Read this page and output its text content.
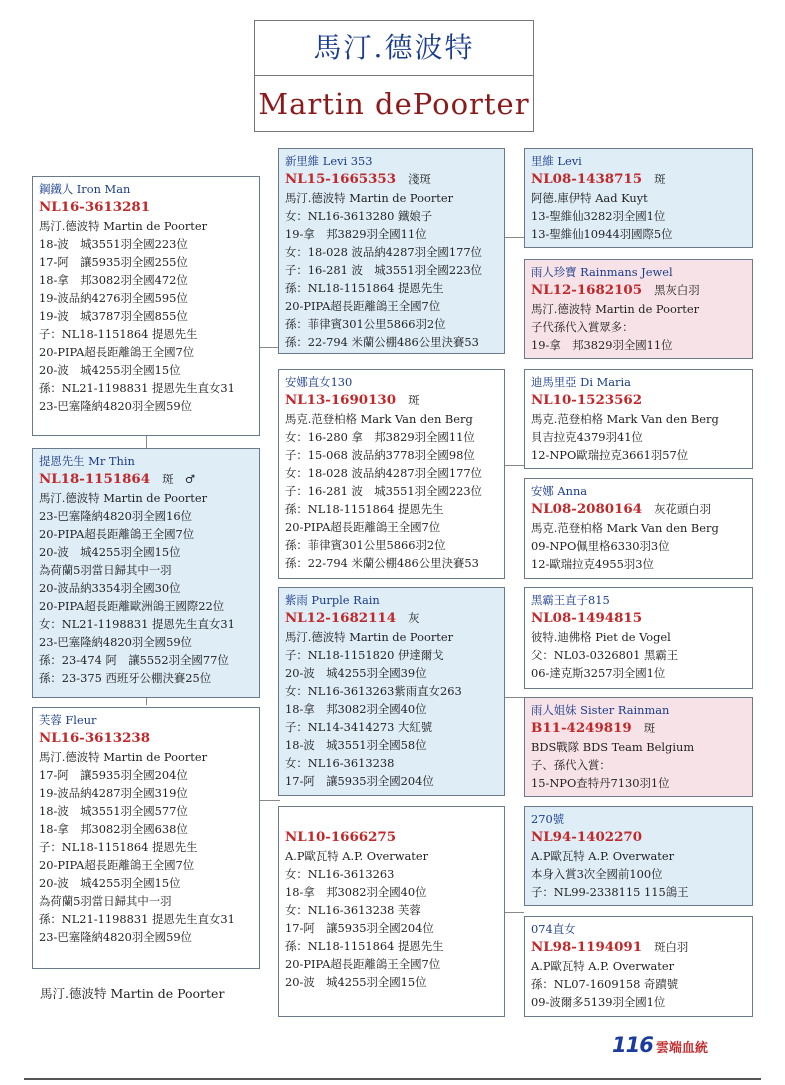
馬汀.德波特
Martin dePoorter
鋼鐵人 Iron Man
NL16-3613281
馬汀.德波特 Martin de Poorter
18-波　城3551羽全國223位
17-阿　讓5935羽全國255位
18-拿　邦3082羽全國472位
19-波品納4276羽全國595位
19-波　城3787羽全國855位
子：NL18-1151864 提恩先生
20-PIPA超長距離鴿王全國7位
20-波　城4255羽全國15位
孫：NL21-1198831 提恩先生直女31
23-巴塞隆納4820羽全國59位
提恩先生 Mr Thin
NL18-1151864 斑　♂
馬汀.德波特 Martin de Poorter
23-巴塞隆納4820羽全國16位
20-PIPA超長距離鴿王全國7位
20-波　城4255羽全國15位
為荷蘭5羽當日歸其中一羽
20-波品納3354羽全國30位
20-PIPA超長距離歐洲鴿王國際22位
女：NL21-1198831 提恩先生直女31
23-巴塞隆納4820羽全國59位
孫：23-474 阿　讓5552羽全國77位
孫：23-375 西班牙公棚決賽25位
芙蓉 Fleur
NL16-3613238
馬汀.德波特 Martin de Poorter
17-阿　讓5935羽全國204位
19-波品納4287羽全國319位
18-波　城3551羽全國577位
18-拿　邦3082羽全國638位
子：NL18-1151864 提恩先生
20-PIPA超長距離鴿王全國7位
20-波　城4255羽全國15位
為荷蘭5羽當日歸其中一羽
孫：NL21-1198831 提恩先生直女31
23-巴塞隆納4820羽全國59位
新里維 Levi 353
NL15-1665353 淺斑
馬汀.德波特 Martin de Poorter
女：NL16-3613280 鐵娘子
19-拿　邦3829羽全國11位
女：18-028 波品納4287羽全國177位
子：16-281 波　城3551羽全國223位
孫：NL18-1151864 提恩先生
20-PIPA超長距離鴿王全國7位
孫：菲律賓301公里5866羽2位
孫：22-794 米蘭公棚486公里決賽53
安娜直女130
NL13-1690130 斑
馬克.范登柏格 Mark Van den Berg
女：16-280 拿　邦3829羽全國11位
子：15-068 波品納3778羽全國98位
女：18-028 波品納4287羽全國177位
子：16-281 波　城3551羽全國223位
孫：NL18-1151864 提恩先生
20-PIPA超長距離鴿王全國7位
孫：菲律賓301公里5866羽2位
孫：22-794 米蘭公棚486公里決賽53
紫雨 Purple Rain
NL12-1682114 灰
馬汀.德波特 Martin de Poorter
子：NL18-1151820 伊達爾戈
20-波　城4255羽全國39位
女：NL16-3613263紫雨直女263
18-拿　邦3082羽全國40位
子：NL14-3414273 大紅號
18-波　城3551羽全國58位
女：NL16-3613238
17-阿　讓5935羽全國204位
NL10-1666275
A.P歐瓦特 A.P. Overwater
女：NL16-3613263
18-拿　邦3082羽全國40位
女：NL16-3613238 芙蓉
17-阿　讓5935羽全國204位
孫：NL18-1151864 提恩先生
20-PIPA超長距離鴿王全國7位
20-波　城4255羽全國15位
里維 Levi
NL08-1438715 斑
阿德.庫伊特 Aad Kuyt
13-聖維仙3282羽全國1位
13-聖維仙10944羽國際5位
雨人珍寶 Rainmans Jewel
NL12-1682105 黑灰白羽
馬汀.德波特 Martin de Poorter
子代孫代入賞眾多：
19-拿　邦3829羽全國11位
迪馬里亞 Di Maria
NL10-1523562
馬克.范登柏格 Mark Van den Berg
貝吉拉克4379羽41位
12-NPO歐瑞拉克3661羽57位
安娜 Anna
NL08-2080164 灰花頭白羽
馬克.范登柏格 Mark Van den Berg
09-NPO佩里格6330羽3位
12-歐瑞拉克4955羽3位
黑霸王直子815
NL08-1494815
彼特.迪佛格 Piet de Vogel
父：NL03-0326801 黑霸王
06-達克斯3257羽全國1位
雨人姐妹 Sister Rainman
B11-4249819 斑
BDS戰隊 BDS Team Belgium
子、孫代入賞：
15-NPO查特丹7130羽1位
270號
NL94-1402270
A.P歐瓦特 A.P. Overwater
本身入賞3次全國前100位
子：NL99-2338115 115鴿王
074直女
NL98-1194091 斑白羽
A.P歐瓦特 A.P. Overwater
孫：NL07-1609158 奇蹟號
09-波爾多5139羽全國1位
馬汀.德波特 Martin de Poorter
116 雲端血統
